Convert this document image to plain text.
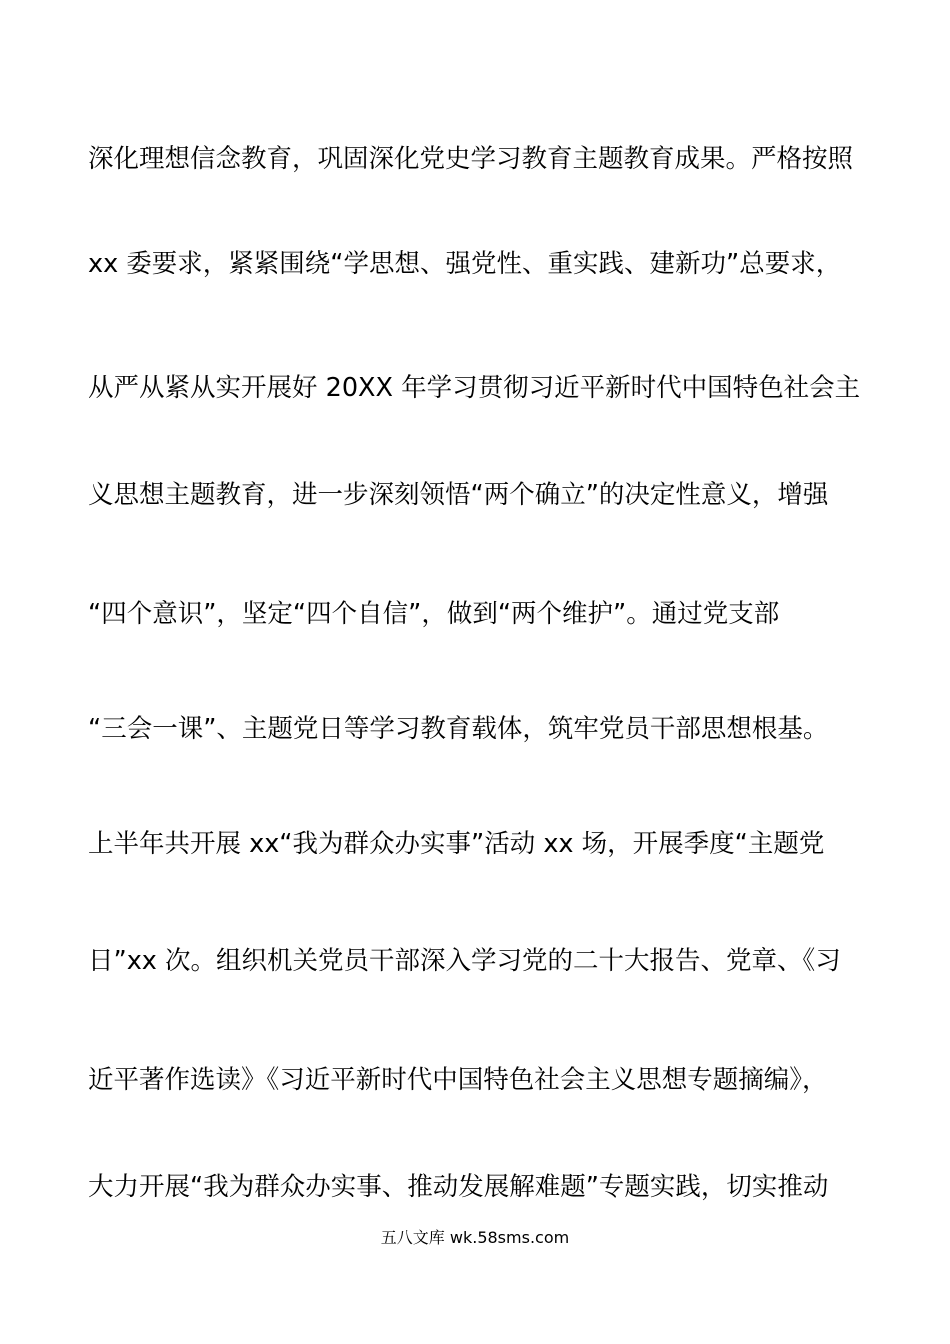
深化理想信念教育，巩固深化党史学习教育主题教育成果。严格按照
xx 委要求，紧紧围绕“学思想、强党性、重实践、建新功”总要求，
从严从紧从实开展好 20XX 年学习贯彻习近平新时代中国特色社会主
义思想主题教育，进一步深刻领悟“两个确立”的决定性意义，增强
“四个意识”，坚定“四个自信”，做到“两个维护”。通过党支部
“三会一课”、主题党日等学习教育载体，筑牢党员干部思想根基。
上半年共开展 xx“我为群众办实事”活动 xx 场，开展季度“主题党
日”xx 次。组织机关党员干部深入学习党的二十大报告、党章、《习
近平著作选读》《习近平新时代中国特色社会主义思想专题摘编》，
大力开展“我为群众办实事、推动发展解难题”专题实践，切实推动
五八文库 wk.58sms.com
